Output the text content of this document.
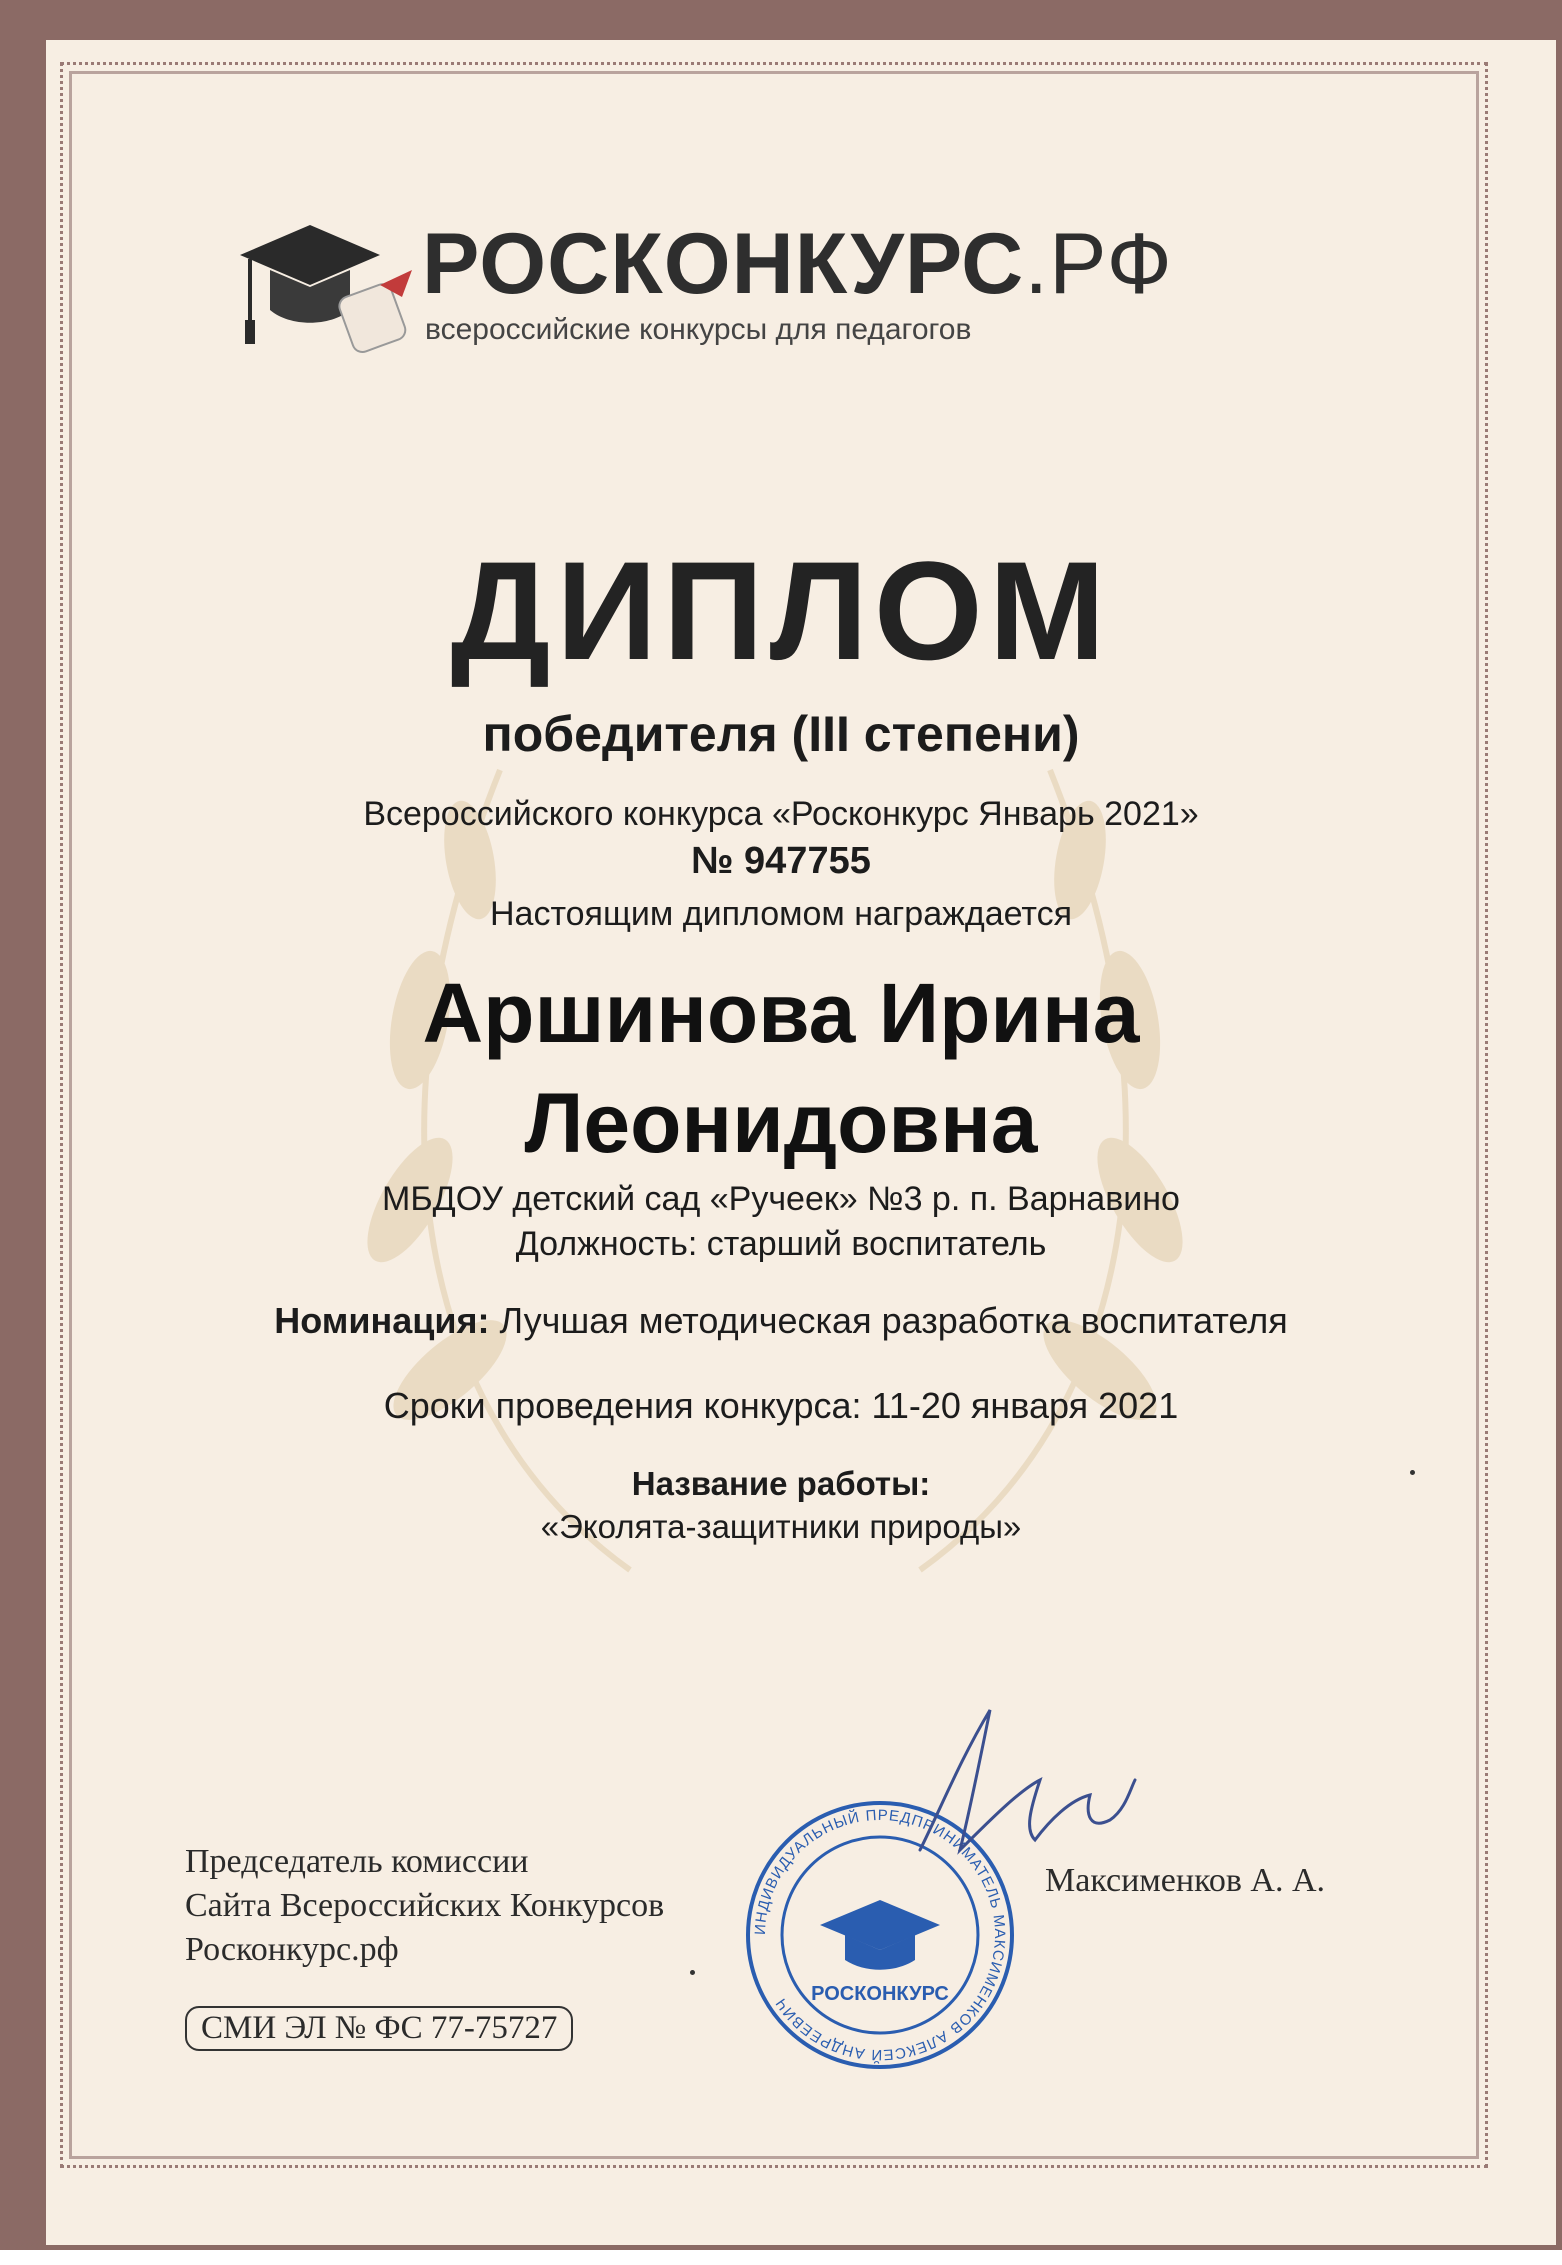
РОСКОНКУРС.РФ
всероссийские конкурсы для педагогов
ДИПЛОМ
победителя (III степени)
Всероссийского конкурса «Росконкурс Январь 2021»
№ 947755
Настоящим дипломом награждается
Аршинова Ирина
Леонидовна
МБДОУ детский сад «Ручеек» №3 р. п. Варнавино
Должность: старший воспитатель
Номинация: Лучшая методическая разработка воспитателя
Сроки проведения конкурса: 11-20 января 2021
Название работы:
«Эколята-защитники природы»
Председатель комиссии
Сайта Всероссийских Конкурсов
Росконкурс.рф
СМИ ЭЛ № ФС 77-75727
ИНДИВИДУАЛЬНЫЙ ПРЕДПРИНИМАТЕЛЬ МАКСИМЕНКОВ АЛЕКСЕЙ АНДРЕЕВИЧ РОСКОНКУРС
Максименков А. А.
